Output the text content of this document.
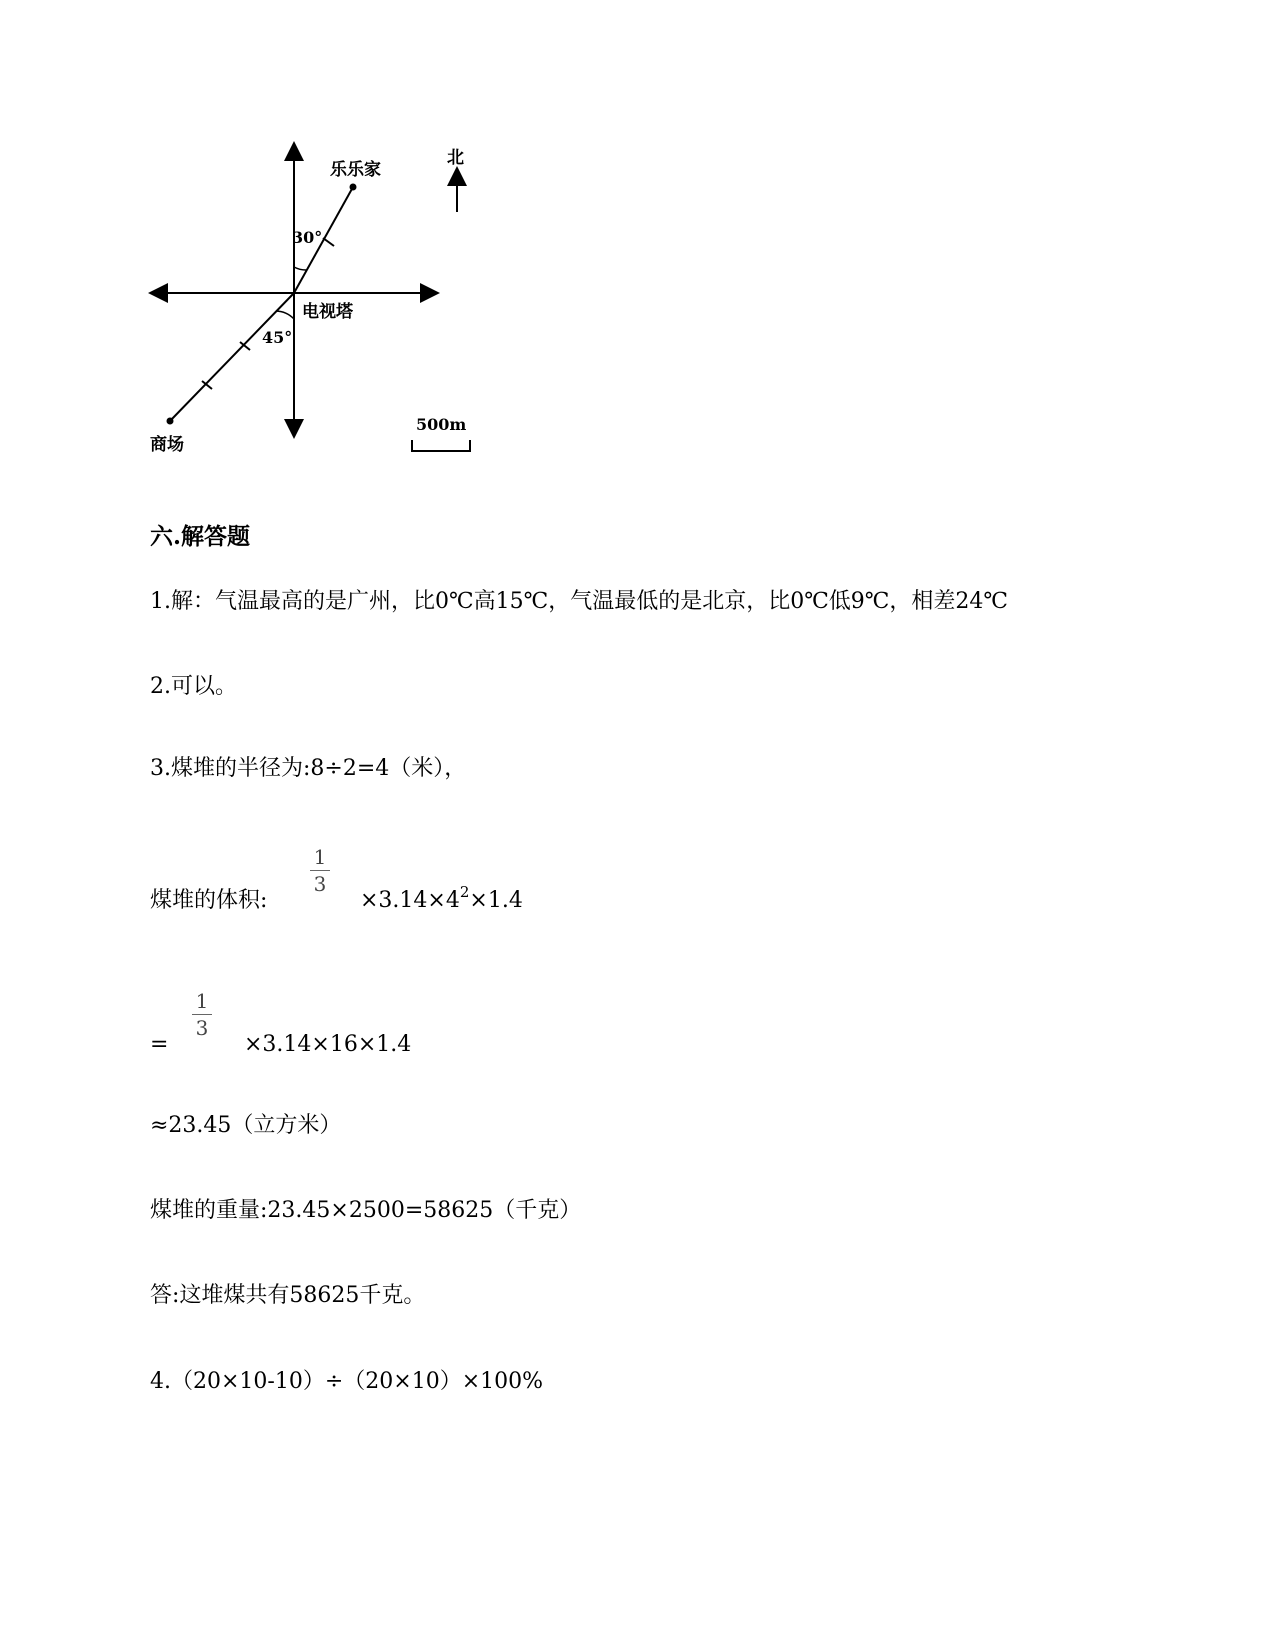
乐乐家
北
30°
电视塔
45°
商场
500m
六.解答题
1.解：气温最高的是广州，比0℃高15℃，气温最低的是北京，比0℃低9℃，相差24℃
2.可以。
3.煤堆的半径为:8÷2=4（米），
煤堆的体积:
1
3
$\times 3.14\times 4^2\times 1.4$
=
1
3
×3.14×16×1.4
≈23.45（立方米）
煤堆的重量:23.45×2500=58625（千克）
答:这堆煤共有58625千克。
4.（20×10-10）÷（20×10）×100%
